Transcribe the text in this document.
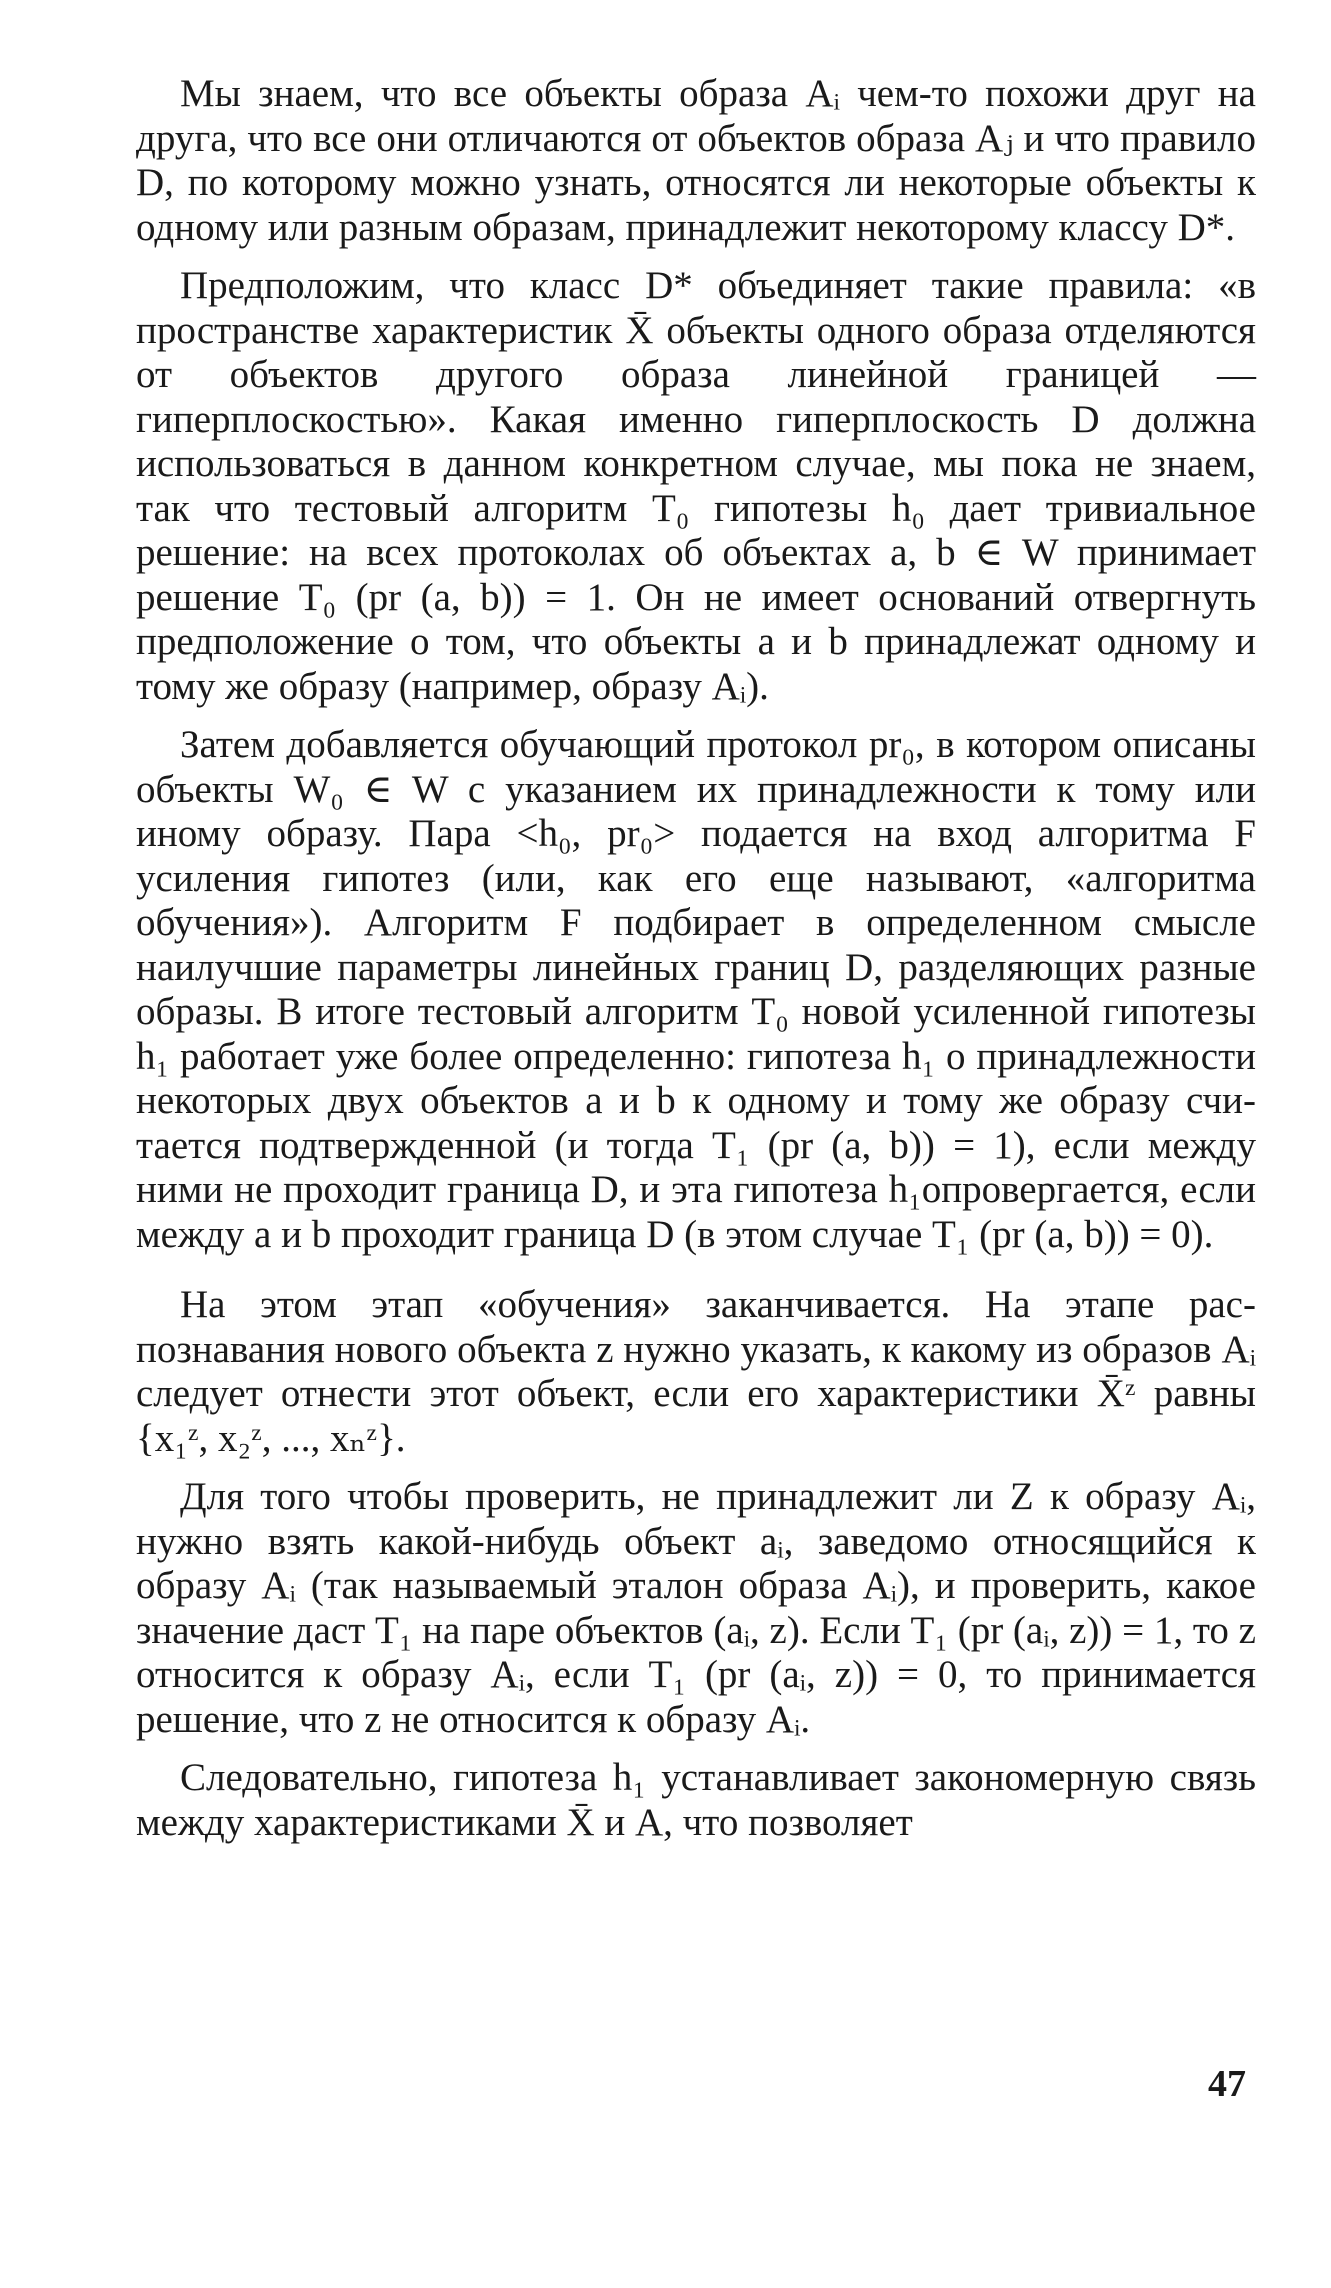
Мы знаем, что все объекты образа Aᵢ чем-то похожи друг на друга, что все они отличаются от объектов образа Aⱼ и что правило D, по которому можно узнать, относятся ли некоторые объекты к одному или разным образам, принадлежит некоторому классу D*.

Предположим, что класс D* объединяет такие правила: «в пространстве характеристик X̄ объекты одного образа отделяются от объектов другого образа линейной границей — гиперплоскостью». Какая именно гиперплоскость D должна использоваться в данном конкретном случае, мы пока не знаем, так что тестовый алгоритм T₀ гипотезы h₀ дает тривиальное решение: на всех протоколах об объектах a, b ∈ W принимает решение T₀ (pr (a, b)) = 1. Он не имеет оснований отвергнуть предположение о том, что объекты a и b принадлежат одному и тому же образу (например, образу Aᵢ).

Затем добавляется обучающий протокол pr₀, в котором описаны объекты W₀ ∈ W с указанием их принадлежности к тому или иному образу. Пара <h₀, pr₀> подается на вход алгоритма F усиления гипотез (или, как его еще называют, «алгоритма обучения»). Алгоритм F подбирает в определенном смысле наилучшие параметры линейных границ D, разделяющих разные образы. В итоге тестовый алгоритм T₀ новой усиленной гипотезы h₁ работает уже более определенно: гипотеза h₁ о принадлежности некоторых двух объектов a и b к одному и тому же образу считается подтвержденной (и тогда T₁ (pr (a, b)) = 1), если между ними не проходит граница D, и эта гипотеза h₁опровергается, если между a и b проходит граница D (в этом случае T₁ (pr (a, b)) = 0).

На этом этап «обучения» заканчивается. На этапе распознавания нового объекта z нужно указать, к какому из образов Aᵢ следует отнести этот объект, если его характеристики X̄ᶻ равны {x₁ᶻ, x₂ᶻ, ..., xₙᶻ}.

Для того чтобы проверить, не принадлежит ли Z к образу Aᵢ, нужно взять какой-нибудь объект aᵢ, заведомо относящийся к образу Aᵢ (так называемый эталон образа Aᵢ), и проверить, какое значение даст T₁ на паре объектов (aᵢ, z). Если T₁ (pr (aᵢ, z)) = 1, то z относится к образу Aᵢ, если T₁ (pr (aᵢ, z)) = 0, то принимается решение, что z не относится к образу Aᵢ.

Следовательно, гипотеза h₁ устанавливает закономерную связь между характеристиками X̄ и A, что позволяет

47
